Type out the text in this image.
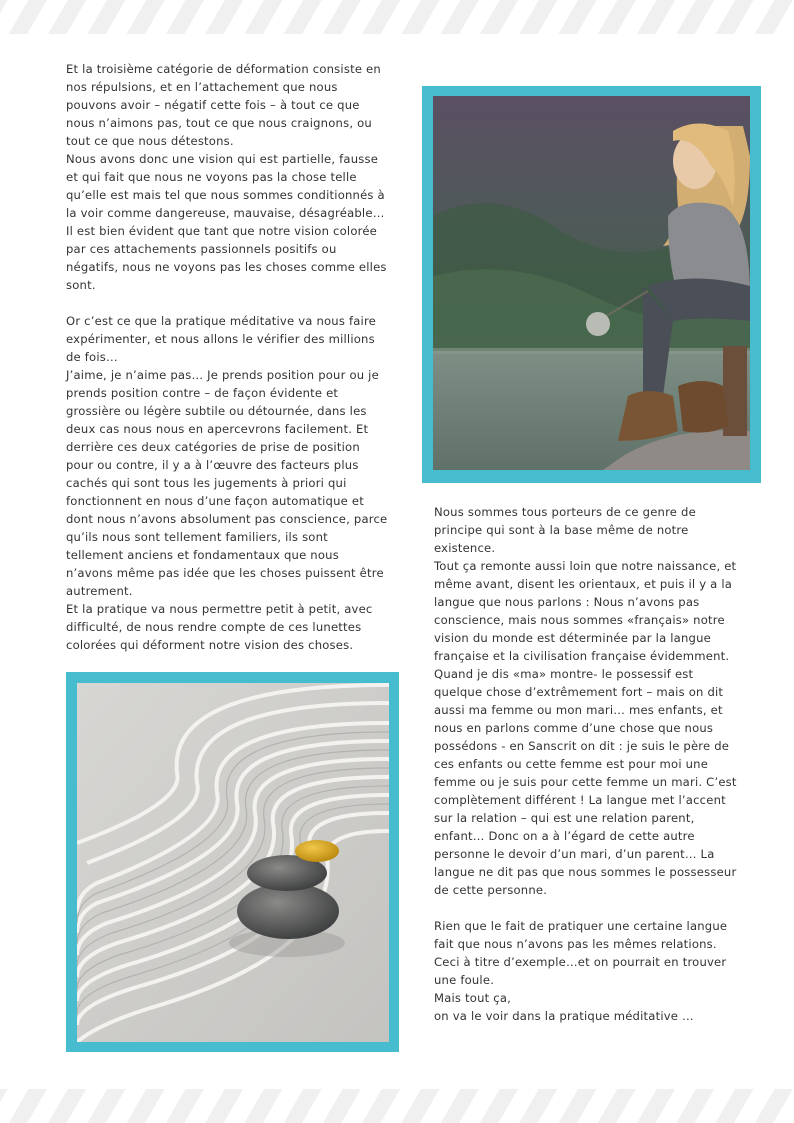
Et la troisième catégorie de déformation consiste en nos répulsions, et en l’attachement que nous pouvons avoir – négatif cette fois – à tout ce que nous n’aimons pas, tout ce que nous craignons, ou tout ce que nous détestons.

Nous avons donc une vision qui est partielle, fausse et qui fait que nous ne voyons pas la chose telle qu’elle est mais tel que nous sommes conditionnés à la voir comme dangereuse, mauvaise, désagréable… Il est bien évident que tant que notre vision colorée par ces attachements passionnels positifs ou négatifs, nous ne voyons pas les choses comme elles sont.

Or c’est ce que la pratique méditative va nous faire expérimenter, et nous allons le vérifier des millions de fois…

J’aime, je n’aime pas… Je prends position pour ou je prends position contre – de façon évidente et grossière ou légère subtile ou détournée, dans les deux cas nous nous en apercevrons facilement. Et derrière ces deux catégories de prise de position pour ou contre, il y a à l’œuvre des facteurs plus cachés qui sont tous les jugements à priori qui fonctionnent en nous d’une façon automatique et dont nous n’avons absolument pas conscience, parce qu’ils nous sont tellement familiers, ils sont tellement anciens et fondamentaux que nous n’avons même pas idée que les choses puissent être autrement.

Et la pratique va nous permettre petit à petit, avec difficulté, de nous rendre compte de ces lunettes colorées qui déforment notre vision des choses.

Nous sommes tous porteurs de ce genre de principe qui sont à la base même de notre existence.

Tout ça remonte aussi loin que notre naissance, et même avant, disent les orientaux, et puis il y a la langue que nous parlons : Nous n’avons pas conscience, mais nous sommes «français» notre vision du monde est déterminée par la langue française et la civilisation française évidemment.

Quand je dis «ma» montre- le possessif est quelque chose d’extrêmement fort – mais on dit aussi ma femme ou mon mari… mes enfants, et nous en parlons comme d’une chose que nous possédons - en Sanscrit on dit : je suis le père de ces enfants ou cette femme est pour moi une femme ou je suis pour cette femme un mari. C’est complètement différent ! La langue met l’accent sur la relation – qui est une relation parent, enfant… Donc on a à l’égard de cette autre personne le devoir d’un mari, d’un parent… La langue ne dit pas que nous sommes le possesseur de cette personne.

Rien que le fait de pratiquer une certaine langue fait que nous n’avons pas les mêmes relations. Ceci à titre d’exemple…et on pourrait en trouver une foule.

Mais tout ça,

on va le voir dans la pratique méditative …
